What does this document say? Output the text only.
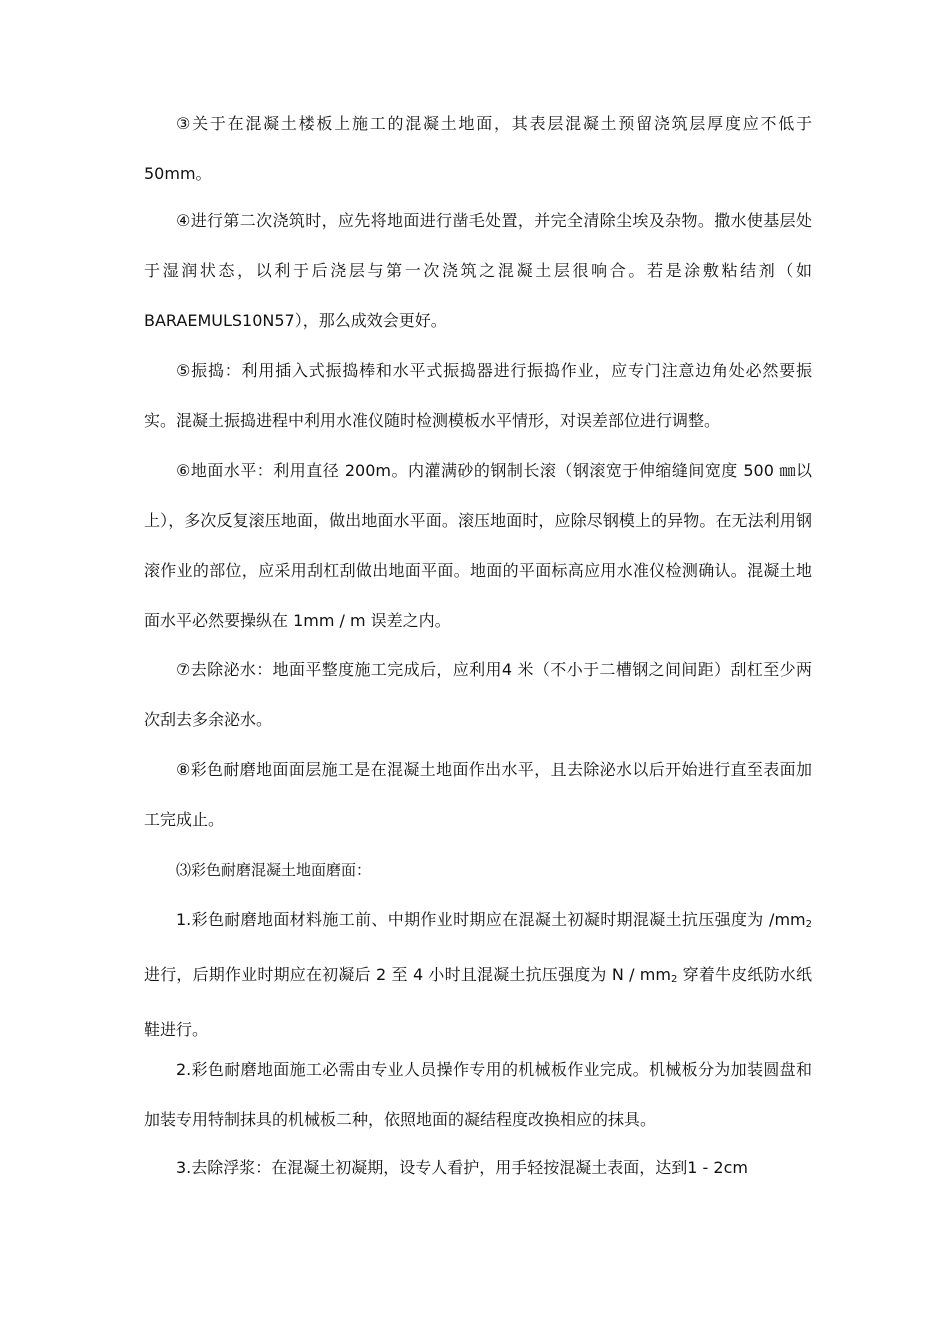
③关于在混凝土楼板上施工的混凝土地面，其表层混凝土预留浇筑层厚度应不低于50mm。

④进行第二次浇筑时，应先将地面进行凿毛处置，并完全清除尘埃及杂物。撒水使基层处于湿润状态，以利于后浇层与第一次浇筑之混凝土层很响合。若是涂敷粘结剂（如BARAEMULS10N57），那么成效会更好。

⑤振捣：利用插入式振捣棒和水平式振捣器进行振捣作业，应专门注意边角处必然要振实。混凝土振捣进程中利用水准仪随时检测模板水平情形，对误差部位进行调整。

⑥地面水平：利用直径 200m。内灌满砂的钢制长滚（钢滚宽于伸缩缝间宽度 500 ㎜以上），多次反复滚压地面，做出地面水平面。滚压地面时，应除尽钢模上的异物。在无法利用钢滚作业的部位，应采用刮杠刮做出地面平面。地面的平面标高应用水准仪检测确认。混凝土地面水平必然要操纵在 1mm / m 误差之内。

⑦去除泌水：地面平整度施工完成后，应利用4 米（不小于二槽钢之间间距）刮杠至少两次刮去多余泌水。

⑧彩色耐磨地面面层施工是在混凝土地面作出水平，且去除泌水以后开始进行直至表面加工完成止。

⑶彩色耐磨混凝土地面磨面：

1.彩色耐磨地面材料施工前、中期作业时期应在混凝土初凝时期混凝土抗压强度为 $/mm_2$ 进行，后期作业时期应在初凝后 2 至 4 小时且混凝土抗压强度为 N / $mm_2$ 穿着牛皮纸防水纸鞋进行。

2.彩色耐磨地面施工必需由专业人员操作专用的机械板作业完成。机械板分为加装圆盘和加装专用特制抹具的机械板二种，依照地面的凝结程度改换相应的抹具。

3.去除浮浆：在混凝土初凝期，设专人看护，用手轻按混凝土表面，达到1 - 2cm
